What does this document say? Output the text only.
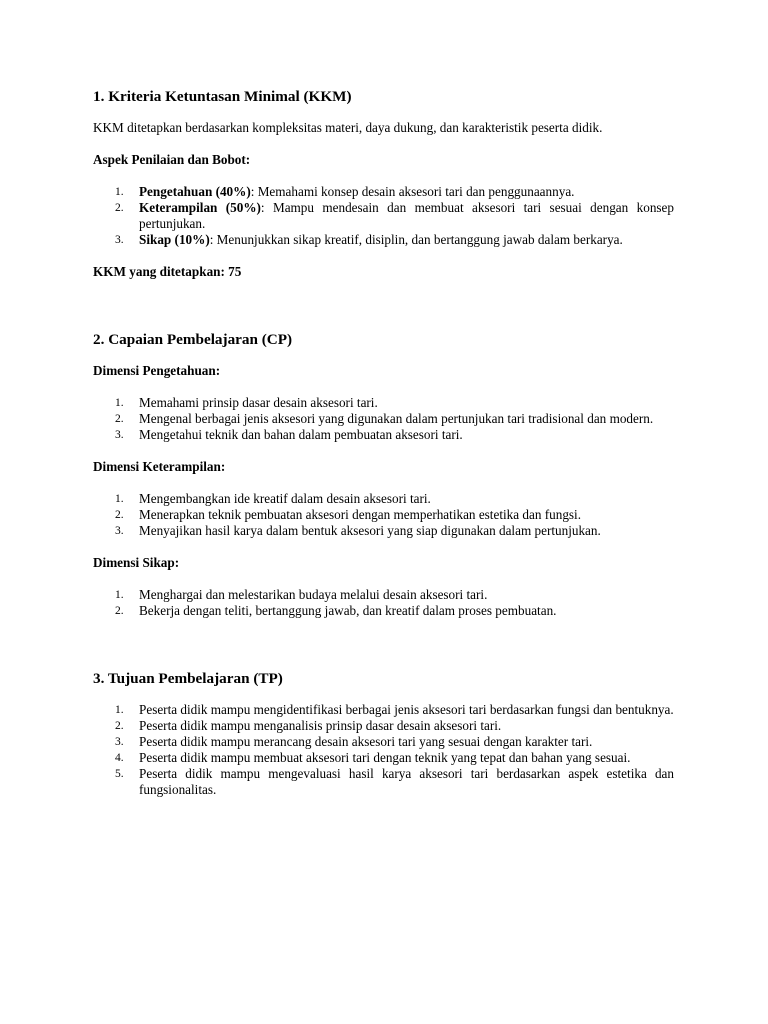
1. Kriteria Ketuntasan Minimal (KKM)

KKM ditetapkan berdasarkan kompleksitas materi, daya dukung, dan karakteristik peserta didik.

Aspek Penilaian dan Bobot:

1. Pengetahuan (40%): Memahami konsep desain aksesori tari dan penggunaannya.
2. Keterampilan (50%): Mampu mendesain dan membuat aksesori tari sesuai dengan konsep pertunjukan.
3. Sikap (10%): Menunjukkan sikap kreatif, disiplin, dan bertanggung jawab dalam berkarya.

KKM yang ditetapkan: 75

2. Capaian Pembelajaran (CP)

Dimensi Pengetahuan:

1. Memahami prinsip dasar desain aksesori tari.
2. Mengenal berbagai jenis aksesori yang digunakan dalam pertunjukan tari tradisional dan modern.
3. Mengetahui teknik dan bahan dalam pembuatan aksesori tari.

Dimensi Keterampilan:

1. Mengembangkan ide kreatif dalam desain aksesori tari.
2. Menerapkan teknik pembuatan aksesori dengan memperhatikan estetika dan fungsi.
3. Menyajikan hasil karya dalam bentuk aksesori yang siap digunakan dalam pertunjukan.

Dimensi Sikap:

1. Menghargai dan melestarikan budaya melalui desain aksesori tari.
2. Bekerja dengan teliti, bertanggung jawab, dan kreatif dalam proses pembuatan.
3. Tujuan Pembelajaran (TP)
1. Peserta didik mampu mengidentifikasi berbagai jenis aksesori tari berdasarkan fungsi dan bentuknya.
2. Peserta didik mampu menganalisis prinsip dasar desain aksesori tari.
3. Peserta didik mampu merancang desain aksesori tari yang sesuai dengan karakter tari.
4. Peserta didik mampu membuat aksesori tari dengan teknik yang tepat dan bahan yang sesuai.
5. Peserta didik mampu mengevaluasi hasil karya aksesori tari berdasarkan aspek estetika dan fungsionalitas.
